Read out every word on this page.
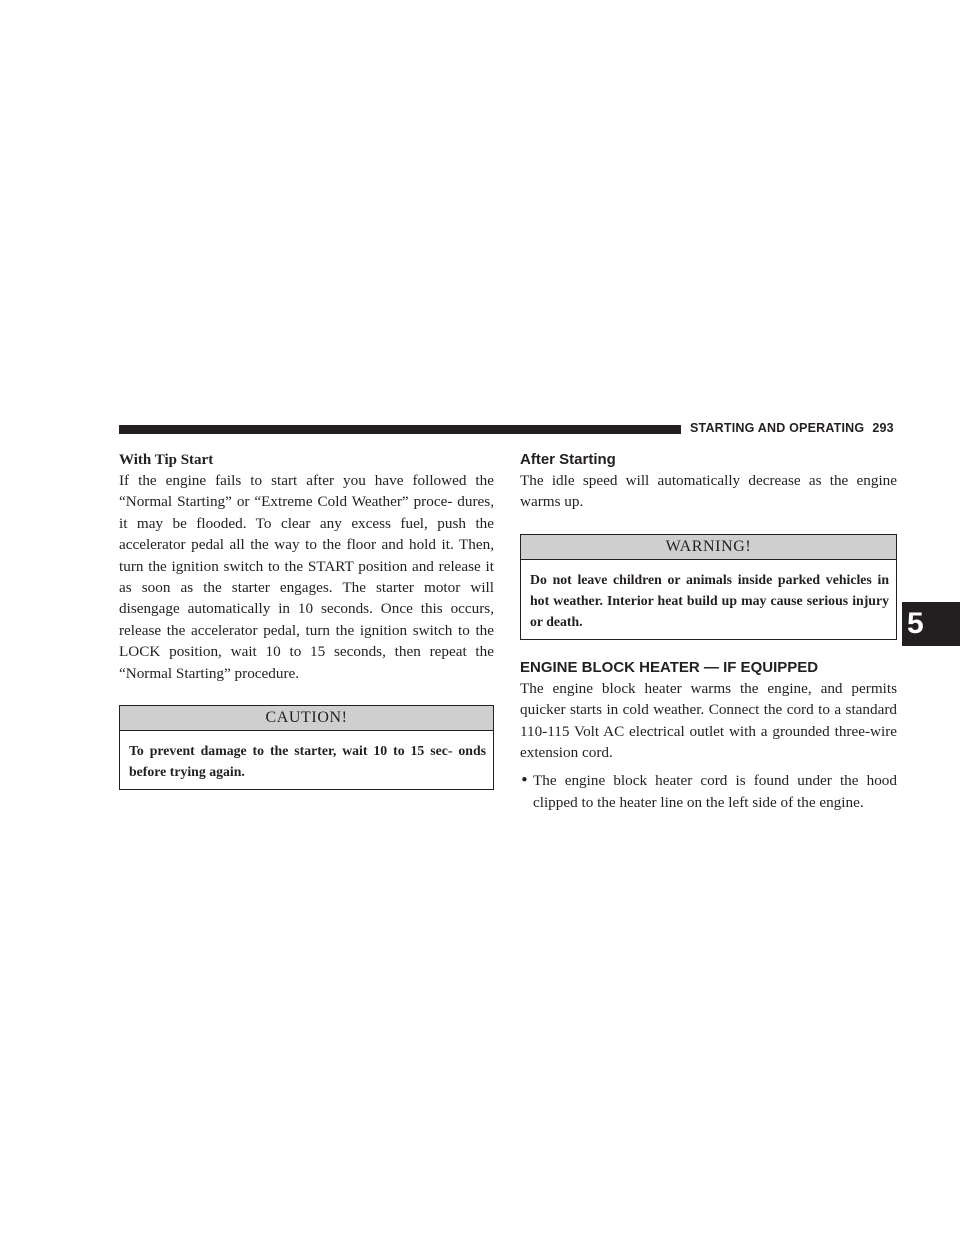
STARTING AND OPERATING 293
5

With Tip Start

If the engine fails to start after you have followed the “Normal Starting” or “Extreme Cold Weather” proce- dures, it may be flooded. To clear any excess fuel, push the accelerator pedal all the way to the floor and hold it. Then, turn the ignition switch to the START position and release it as soon as the starter engages. The starter motor will disengage automatically in 10 seconds. Once this occurs, release the accelerator pedal, turn the ignition switch to the LOCK position, wait 10 to 15 seconds, then repeat the “Normal Starting” procedure.

CAUTION!
To prevent damage to the starter, wait 10 to 15 sec- onds before trying again.

After Starting

The idle speed will automatically decrease as the engine warms up.

WARNING!
Do not leave children or animals inside parked vehicles in hot weather. Interior heat build up may cause serious injury or death.

ENGINE BLOCK HEATER — IF EQUIPPED

The engine block heater warms the engine, and permits quicker starts in cold weather. Connect the cord to a standard 110-115 Volt AC electrical outlet with a grounded three-wire extension cord.

• The engine block heater cord is found under the hood clipped to the heater line on the left side of the engine.
